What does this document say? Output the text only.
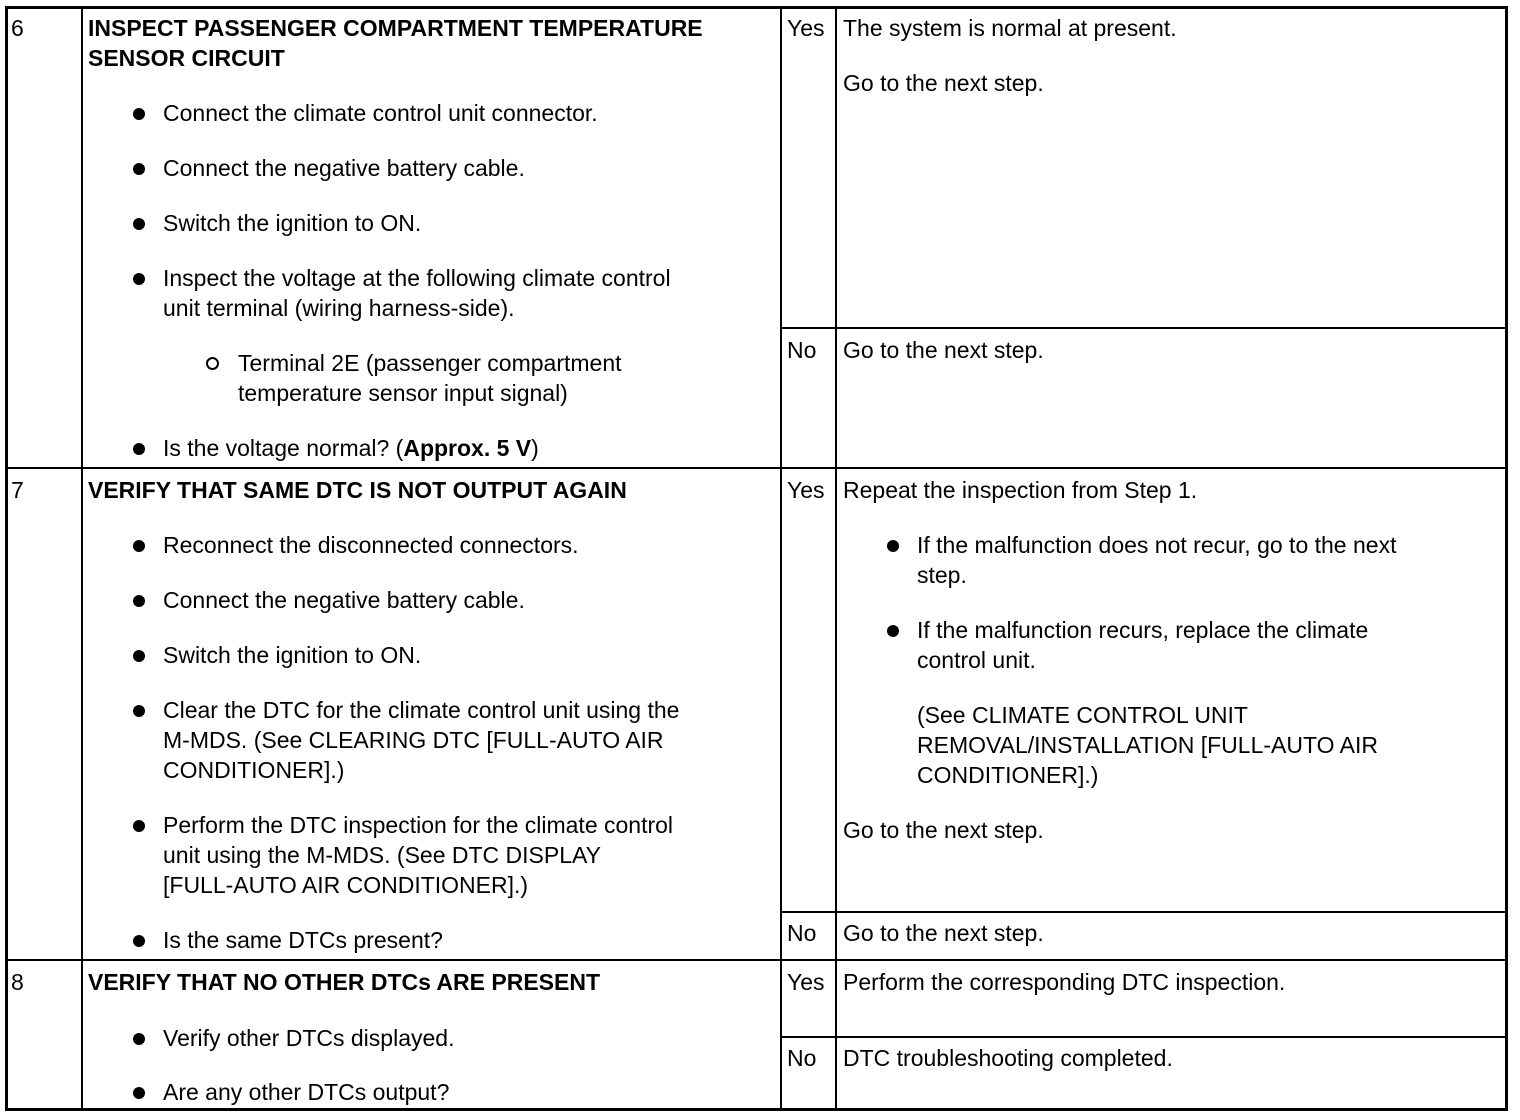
6	INSPECT PASSENGER COMPARTMENT TEMPERATURE
SENSOR CIRCUIT
Connect the climate control unit connector.
Connect the negative battery cable.
Switch the ignition to ON.
Inspect the voltage at the following climate control
unit terminal (wiring harness-side).
Terminal 2E (passenger compartment
temperature sensor input signal)
Is the voltage normal? (Approx. 5 V)
Yes The system is normal at present.
Go to the next step.
No Go to the next step.
7	VERIFY THAT SAME DTC IS NOT OUTPUT AGAIN
Reconnect the disconnected connectors.
Connect the negative battery cable.
Switch the ignition to ON.
Clear the DTC for the climate control unit using the
M-MDS. (See CLEARING DTC [FULL-AUTO AIR
CONDITIONER].)
Perform the DTC inspection for the climate control
unit using the M-MDS. (See DTC DISPLAY
[FULL-AUTO AIR CONDITIONER].)
Is the same DTCs present?
Yes Repeat the inspection from Step 1.
If the malfunction does not recur, go to the next
step.
If the malfunction recurs, replace the climate
control unit.
(See CLIMATE CONTROL UNIT
REMOVAL/INSTALLATION [FULL-AUTO AIR
CONDITIONER].)
Go to the next step.
No Go to the next step.
8	VERIFY THAT NO OTHER DTCs ARE PRESENT
Verify other DTCs displayed.
Are any other DTCs output?
Yes Perform the corresponding DTC inspection.
No DTC troubleshooting completed.
